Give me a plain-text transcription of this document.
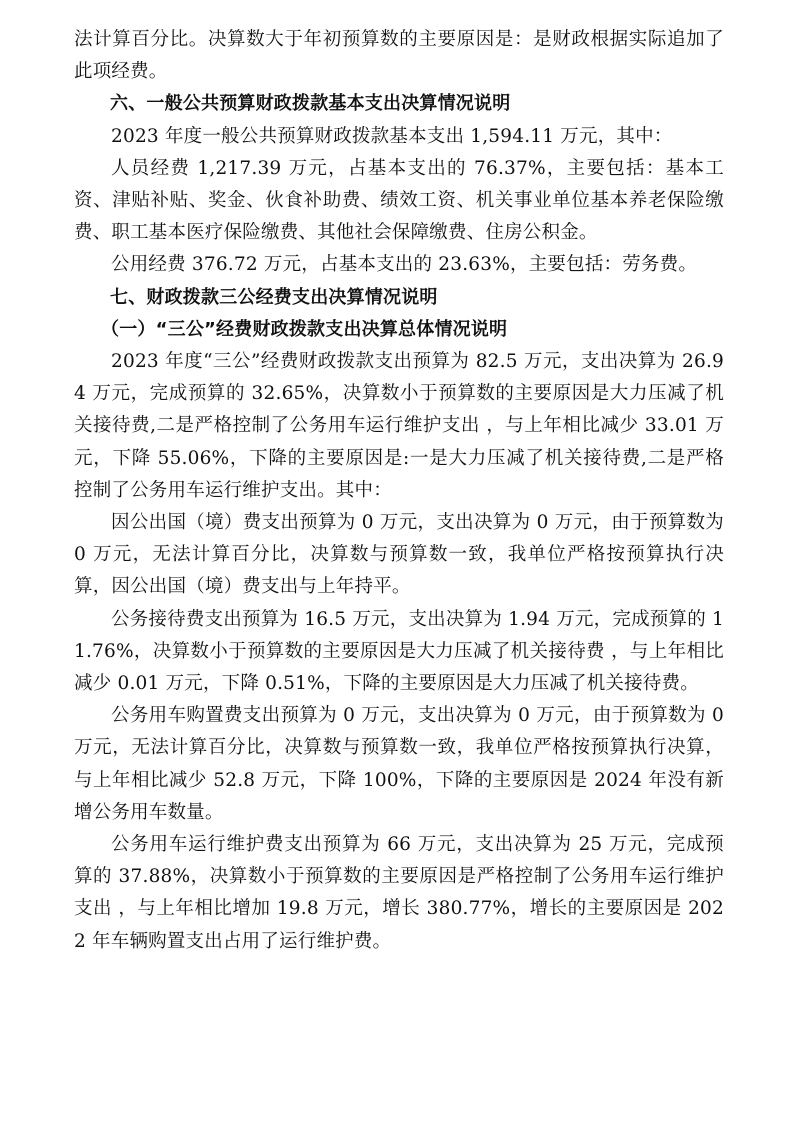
法计算百分比。决算数大于年初预算数的主要原因是：是财政根据实际追加了此项经费。

六、一般公共预算财政拨款基本支出决算情况说明

2023 年度一般公共预算财政拨款基本支出 1,594.11 万元，其中：

人员经费 1,217.39 万元，占基本支出的 76.37%，主要包括：基本工资、津贴补贴、奖金、伙食补助费、绩效工资、机关事业单位基本养老保险缴费、职工基本医疗保险缴费、其他社会保障缴费、住房公积金。

公用经费 376.72 万元，占基本支出的 23.63%，主要包括：劳务费。

七、财政拨款三公经费支出决算情况说明

（一）“三公”经费财政拨款支出决算总体情况说明

2023 年度“三公”经费财政拨款支出预算为 82.5 万元，支出决算为 26.94 万元，完成预算的 32.65%，决算数小于预算数的主要原因是大力压减了机关接待费,二是严格控制了公务用车运行维护支出 ，与上年相比减少 33.01 万元，下降 55.06%，下降的主要原因是:一是大力压减了机关接待费,二是严格控制了公务用车运行维护支出。其中：

因公出国（境）费支出预算为 0 万元，支出决算为 0 万元，由于预算数为 0 万元，无法计算百分比，决算数与预算数一致，我单位严格按预算执行决算，因公出国（境）费支出与上年持平。

公务接待费支出预算为 16.5 万元，支出决算为 1.94 万元，完成预算的 11.76%，决算数小于预算数的主要原因是大力压减了机关接待费 ，与上年相比减少 0.01 万元，下降 0.51%，下降的主要原因是大力压减了机关接待费。

公务用车购置费支出预算为 0 万元，支出决算为 0 万元，由于预算数为 0 万元，无法计算百分比，决算数与预算数一致，我单位严格按预算执行决算，与上年相比减少 52.8 万元，下降 100%，下降的主要原因是 2024 年没有新增公务用车数量。

公务用车运行维护费支出预算为 66 万元，支出决算为 25 万元，完成预算的 37.88%，决算数小于预算数的主要原因是严格控制了公务用车运行维护支出 ，与上年相比增加 19.8 万元，增长 380.77%，增长的主要原因是 2022 年车辆购置支出占用了运行维护费。
